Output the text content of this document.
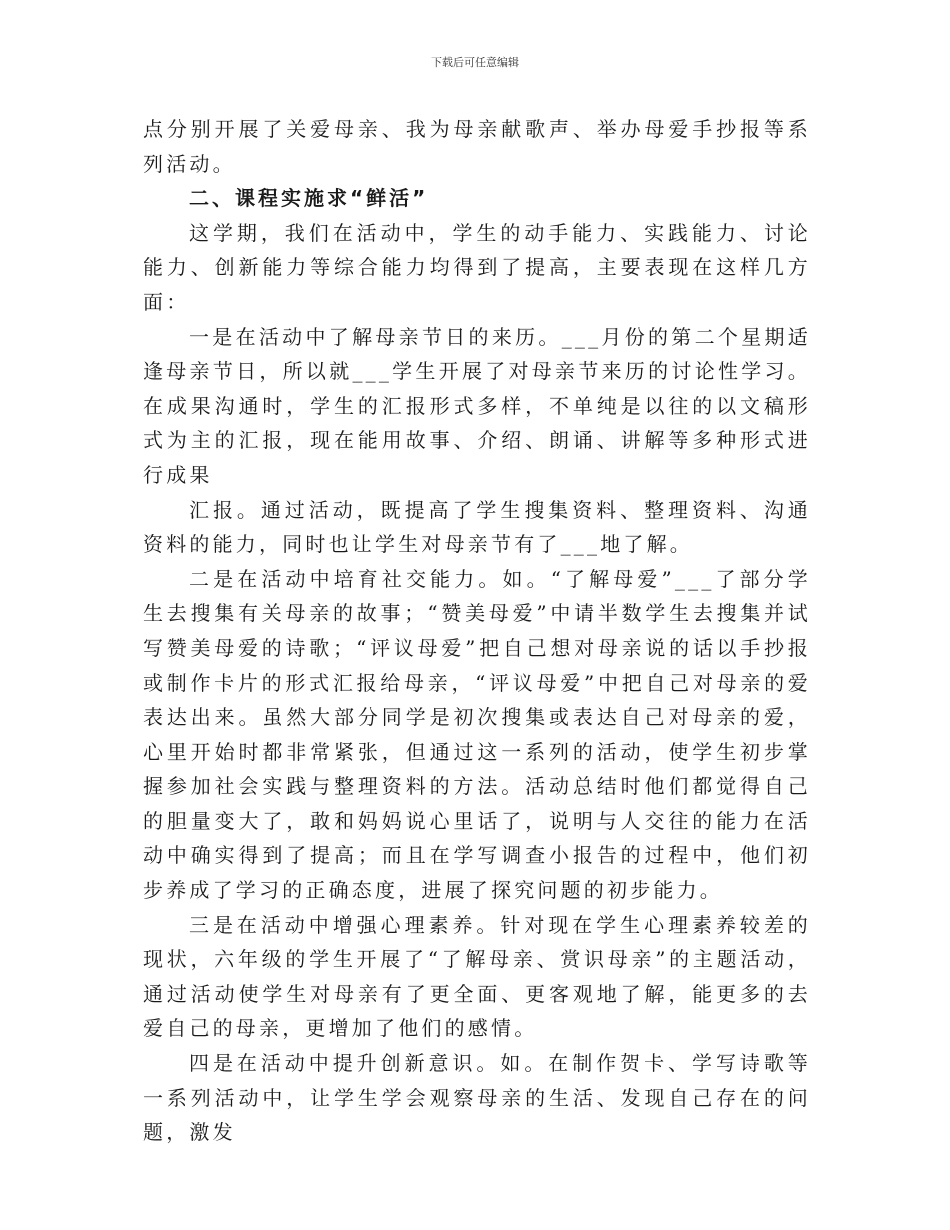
下载后可任意编辑

点分别开展了关爱母亲、我为母亲献歌声、举办母爱手抄报等系列活动。

二、课程实施求“鲜活”

这学期，我们在活动中，学生的动手能力、实践能力、讨论能力、创新能力等综合能力均得到了提高，主要表现在这样几方面：

一是在活动中了解母亲节日的来历。___月份的第二个星期适逢母亲节日，所以就___学生开展了对母亲节来历的讨论性学习。在成果沟通时，学生的汇报形式多样，不单纯是以往的以文稿形式为主的汇报，现在能用故事、介绍、朗诵、讲解等多种形式进行成果

汇报。通过活动，既提高了学生搜集资料、整理资料、沟通资料的能力，同时也让学生对母亲节有了___地了解。

二是在活动中培育社交能力。如。“了解母爱”___了部分学生去搜集有关母亲的故事；“赞美母爱”中请半数学生去搜集并试写赞美母爱的诗歌；“评议母爱”把自己想对母亲说的话以手抄报或制作卡片的形式汇报给母亲，“评议母爱”中把自己对母亲的爱表达出来。虽然大部分同学是初次搜集或表达自己对母亲的爱，心里开始时都非常紧张，但通过这一系列的活动，使学生初步掌握参加社会实践与整理资料的方法。活动总结时他们都觉得自己的胆量变大了，敢和妈妈说心里话了，说明与人交往的能力在活动中确实得到了提高；而且在学写调查小报告的过程中，他们初步养成了学习的正确态度，进展了探究问题的初步能力。

三是在活动中增强心理素养。针对现在学生心理素养较差的现状，六年级的学生开展了“了解母亲、赏识母亲”的主题活动，通过活动使学生对母亲有了更全面、更客观地了解，能更多的去爱自己的母亲，更增加了他们的感情。

四是在活动中提升创新意识。如。在制作贺卡、学写诗歌等一系列活动中，让学生学会观察母亲的生活、发现自己存在的问题，激发
